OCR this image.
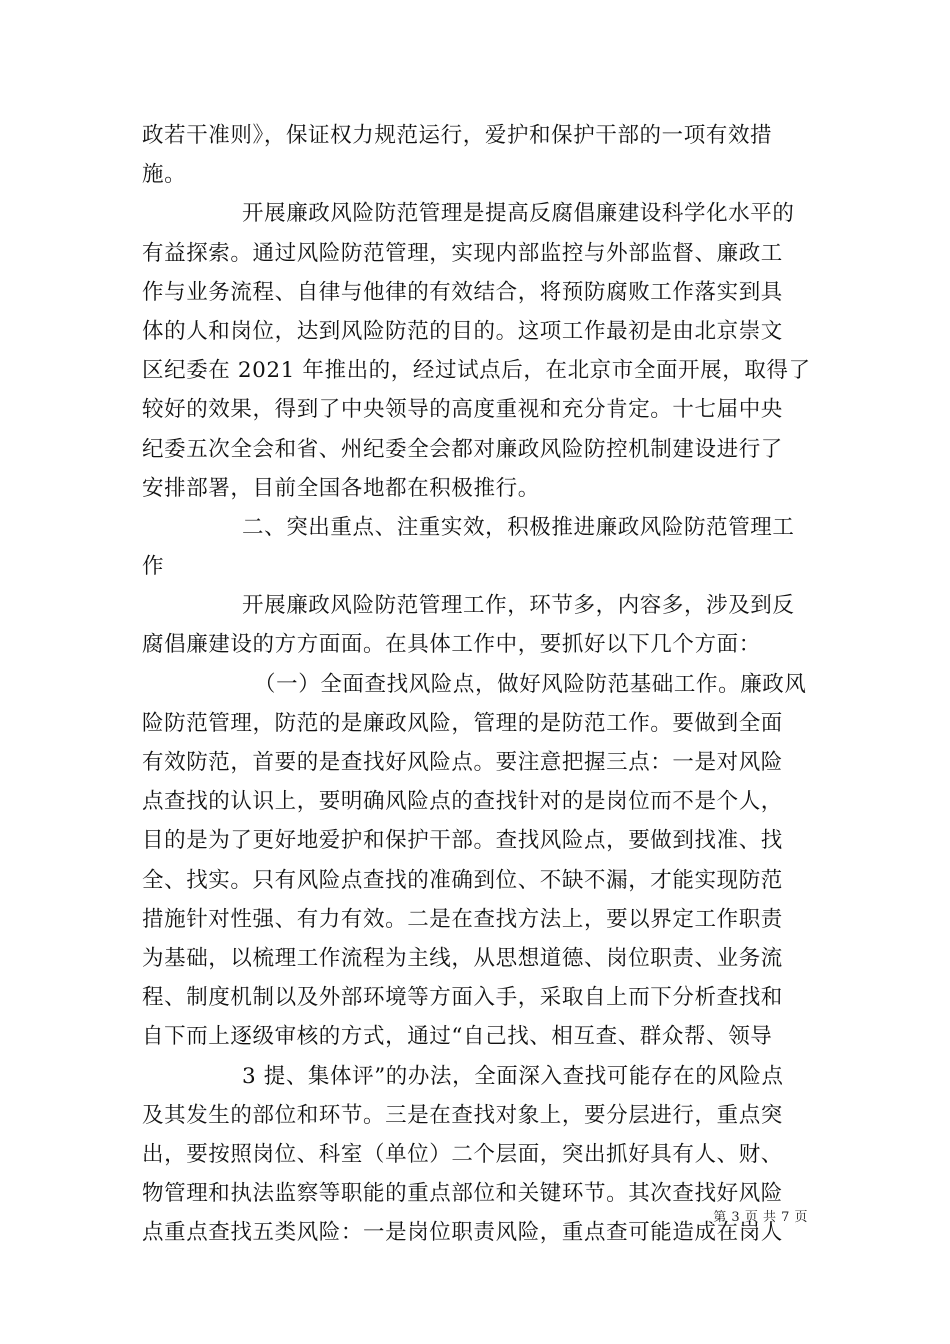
政若干准则》，保证权力规范运行，爱护和保护干部的一项有效措
施。
开展廉政风险防范管理是提高反腐倡廉建设科学化水平的
有益探索。通过风险防范管理，实现内部监控与外部监督、廉政工
作与业务流程、自律与他律的有效结合，将预防腐败工作落实到具
体的人和岗位，达到风险防范的目的。这项工作最初是由北京崇文
区纪委在 2021 年推出的，经过试点后，在北京市全面开展，取得了
较好的效果，得到了中央领导的高度重视和充分肯定。十七届中央
纪委五次全会和省、州纪委全会都对廉政风险防控机制建设进行了
安排部署，目前全国各地都在积极推行。
二、突出重点、注重实效，积极推进廉政风险防范管理工
作
开展廉政风险防范管理工作，环节多，内容多，涉及到反
腐倡廉建设的方方面面。在具体工作中，要抓好以下几个方面：
（一）全面查找风险点，做好风险防范基础工作。廉政风
险防范管理，防范的是廉政风险，管理的是防范工作。要做到全面
有效防范，首要的是查找好风险点。要注意把握三点：一是对风险
点查找的认识上，要明确风险点的查找针对的是岗位而不是个人，
目的是为了更好地爱护和保护干部。查找风险点，要做到找准、找
全、找实。只有风险点查找的准确到位、不缺不漏，才能实现防范
措施针对性强、有力有效。二是在查找方法上，要以界定工作职责
为基础，以梳理工作流程为主线，从思想道德、岗位职责、业务流
程、制度机制以及外部环境等方面入手，采取自上而下分析查找和
自下而上逐级审核的方式，通过“自己找、相互查、群众帮、领导
3 提、集体评”的办法，全面深入查找可能存在的风险点
及其发生的部位和环节。三是在查找对象上，要分层进行，重点突
出，要按照岗位、科室（单位）二个层面，突出抓好具有人、财、
物管理和执法监察等职能的重点部位和关键环节。其次查找好风险
点重点查找五类风险：一是岗位职责风险，重点查可能造成在岗人
第 3 页 共 7 页
